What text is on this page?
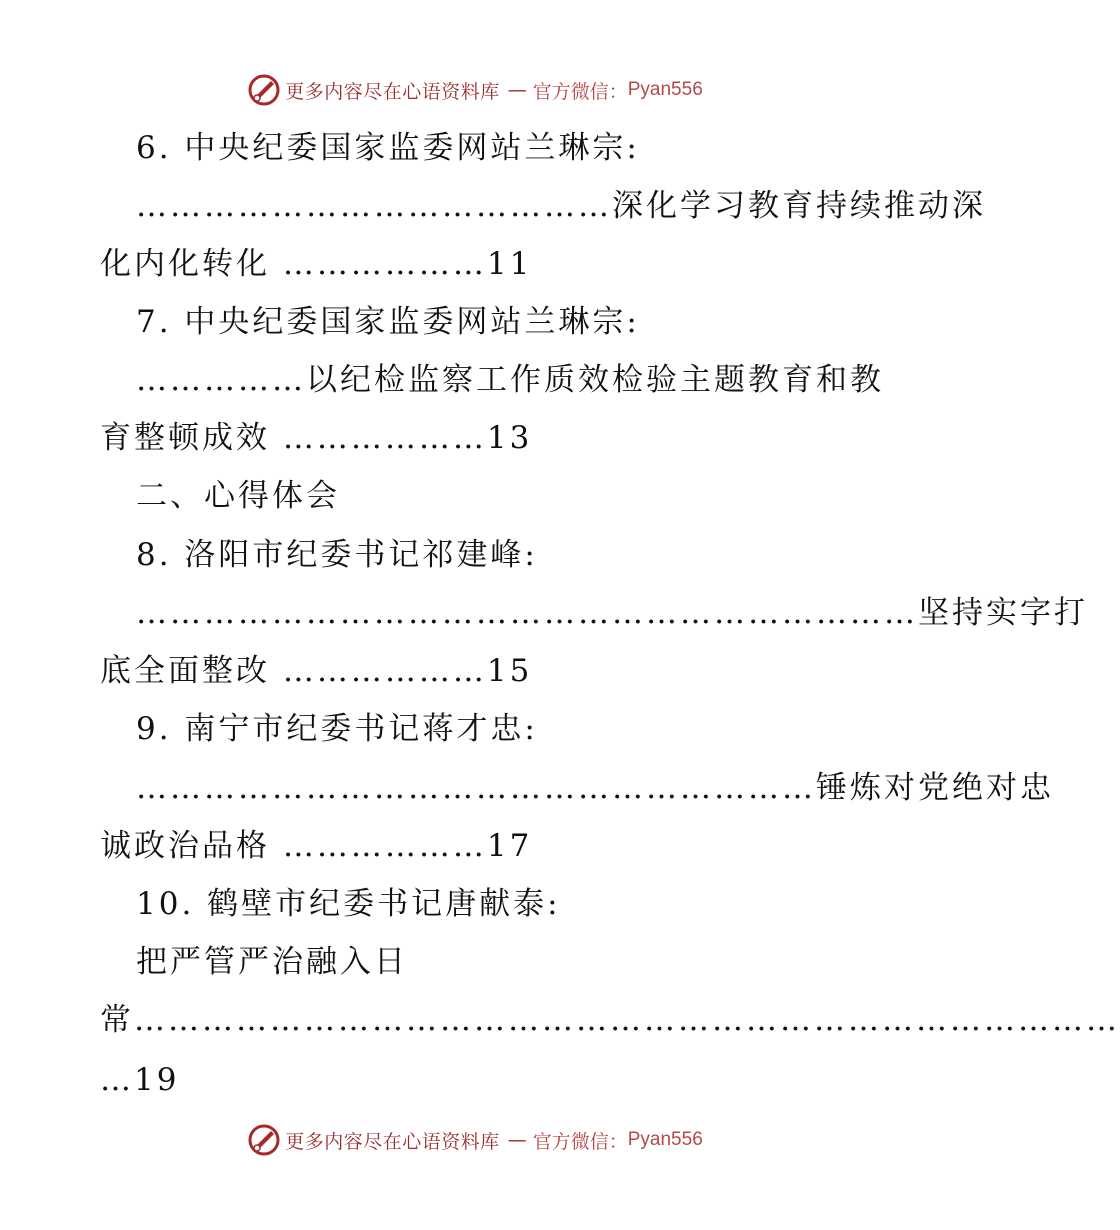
更多内容尽在心语资料库 — 官方微信： Pyan556
6. 中央纪委国家监委网站兰琳宗:
……………………………………深化学习教育持续推动深
化内化转化 ………………11
7. 中央纪委国家监委网站兰琳宗:
……………以纪检监察工作质效检验主题教育和教
育整顿成效 ………………13
二、心得体会
8. 洛阳市纪委书记祁建峰:
……………………………………………………………坚持实字打
底全面整改 ………………15
9. 南宁市纪委书记蒋才忠:
……………………………………………………锤炼对党绝对忠
诚政治品格 ………………17
10. 鹤壁市纪委书记唐献泰:
把严管严治融入日
常……………………………………………………………………………
…19
更多内容尽在心语资料库 — 官方微信： Pyan556
